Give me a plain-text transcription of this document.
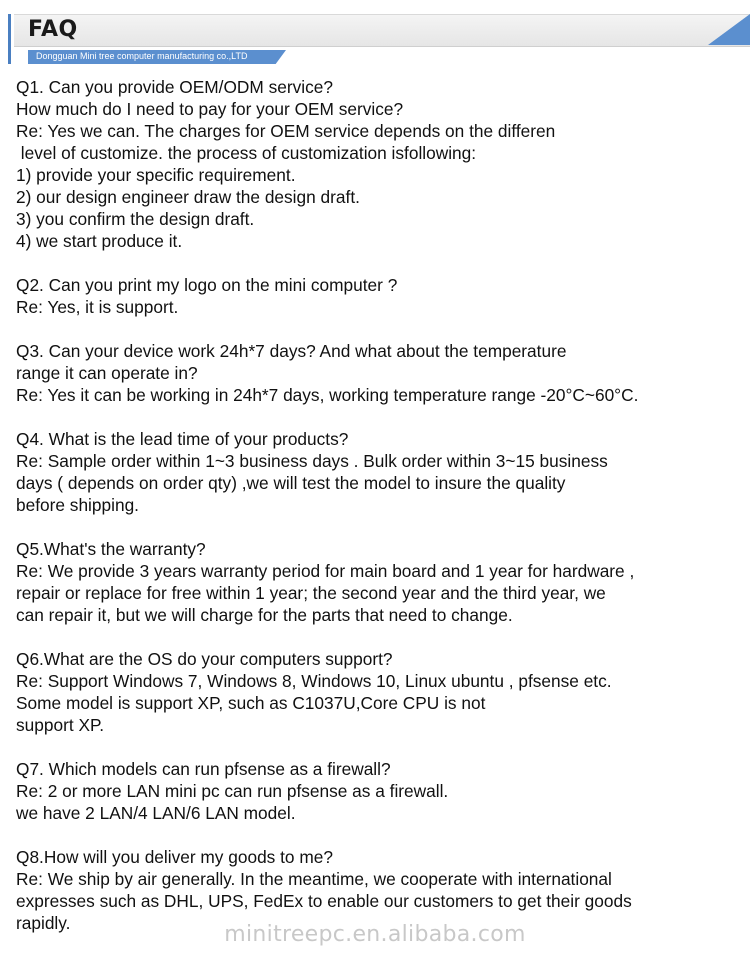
FAQ
Dongguan Mini tree computer manufacturing co.,LTD
Q1. Can you provide OEM/ODM service?
How much do I need to pay for your OEM service?
Re: Yes we can. The charges for OEM service depends on the differen
level of customize. the process of customization isfollowing:
1) provide your specific requirement.
2) our design engineer draw the design draft.
3) you confirm the design draft.
4) we start produce it.
Q2. Can you print my logo on the mini computer ?
Re: Yes, it is support.
Q3. Can your device work 24h*7 days? And what about the temperature
range it can operate in?
Re: Yes it can be working in 24h*7 days, working temperature range -20°C~60°C.
Q4. What is the lead time of your products?
Re: Sample order within 1~3 business days . Bulk order within 3~15 business
days ( depends on order qty) ,we will test the model to insure the quality
before shipping.
Q5.What's the warranty?
Re: We provide 3 years warranty period for main board and 1 year for hardware ,
repair or replace for free within 1 year; the second year and the third year, we
can repair it, but we will charge for the parts that need to change.
Q6.What are the OS do your computers support?
Re: Support Windows 7, Windows 8, Windows 10, Linux ubuntu , pfsense etc.
Some model is support XP, such as C1037U,Core CPU is not
support XP.
Q7. Which models can run pfsense as a firewall?
Re: 2 or more LAN mini pc can run pfsense as a firewall.
we have 2 LAN/4 LAN/6 LAN model.
Q8.How will you deliver my goods to me?
Re: We ship by air generally. In the meantime, we cooperate with international
expresses such as DHL, UPS, FedEx to enable our customers to get their goods
rapidly.	minitreepc.en.alibaba.com
